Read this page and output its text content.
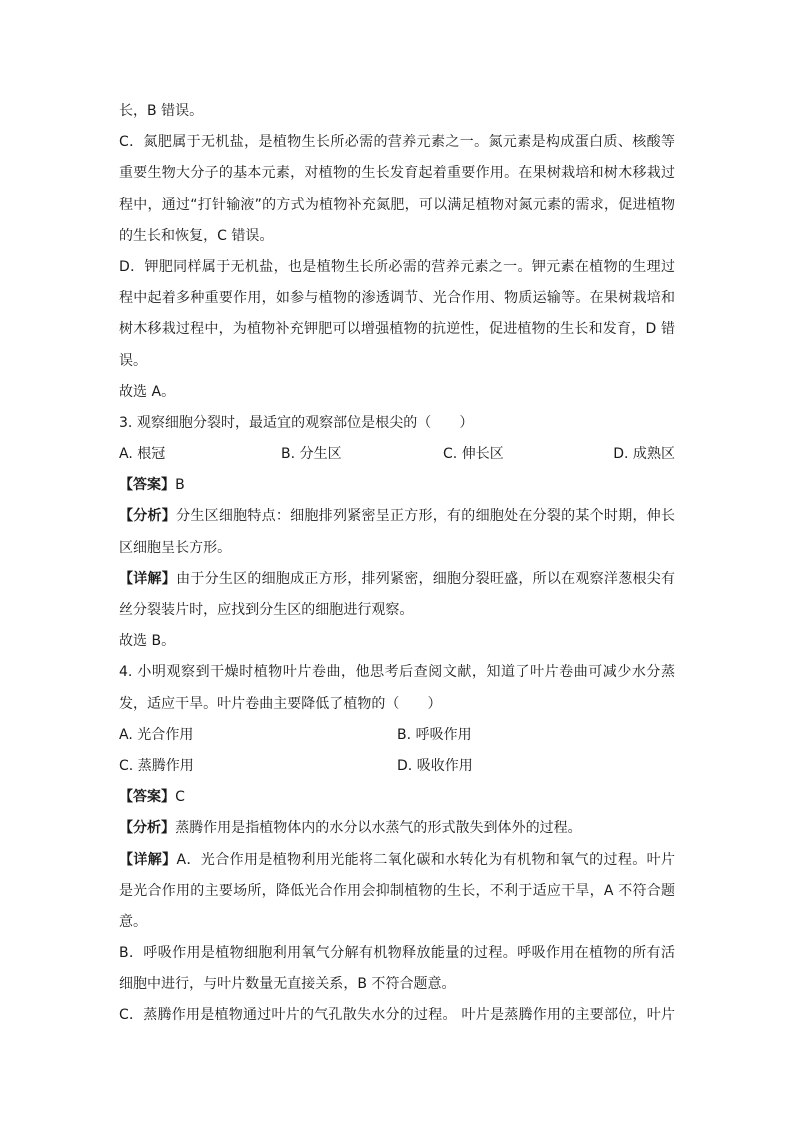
长，B 错误。
C．氮肥属于无机盐，是植物生长所必需的营养元素之一。氮元素是构成蛋白质、核酸等
重要生物大分子的基本元素，对植物的生长发育起着重要作用。在果树栽培和树木移栽过
程中，通过“打针输液”的方式为植物补充氮肥，可以满足植物对氮元素的需求，促进植物
的生长和恢复，C 错误。
D．钾肥同样属于无机盐，也是植物生长所必需的营养元素之一。钾元素在植物的生理过
程中起着多种重要作用，如参与植物的渗透调节、光合作用、物质运输等。在果树栽培和
树木移栽过程中，为植物补充钾肥可以增强植物的抗逆性，促进植物的生长和发育，D 错
误。
故选 A。
3. 观察细胞分裂时，最适宜的观察部位是根尖的（　　）
A. 根冠	B. 分生区	C. 伸长区	D. 成熟区
【答案】B
【分析】分生区细胞特点：细胞排列紧密呈正方形，有的细胞处在分裂的某个时期，伸长
区细胞呈长方形。
【详解】由于分生区的细胞成正方形，排列紧密，细胞分裂旺盛，所以在观察洋葱根尖有
丝分裂装片时，应找到分生区的细胞进行观察。
故选 B。
4. 小明观察到干燥时植物叶片卷曲，他思考后查阅文献，知道了叶片卷曲可减少水分蒸
发，适应干旱。叶片卷曲主要降低了植物的（　　）
A. 光合作用	B. 呼吸作用
C. 蒸腾作用	D. 吸收作用
【答案】C
【分析】蒸腾作用是指植物体内的水分以水蒸气的形式散失到体外的过程。
【详解】A．光合作用是植物利用光能将二氧化碳和水转化为有机物和氧气的过程。叶片
是光合作用的主要场所，降低光合作用会抑制植物的生长，不利于适应干旱，A 不符合题
意。
B．呼吸作用是植物细胞利用氧气分解有机物释放能量的过程。呼吸作用在植物的所有活
细胞中进行，与叶片数量无直接关系，B 不符合题意。
C．蒸腾作用是植物通过叶片的气孔散失水分的过程。 叶片是蒸腾作用的主要部位，叶片
